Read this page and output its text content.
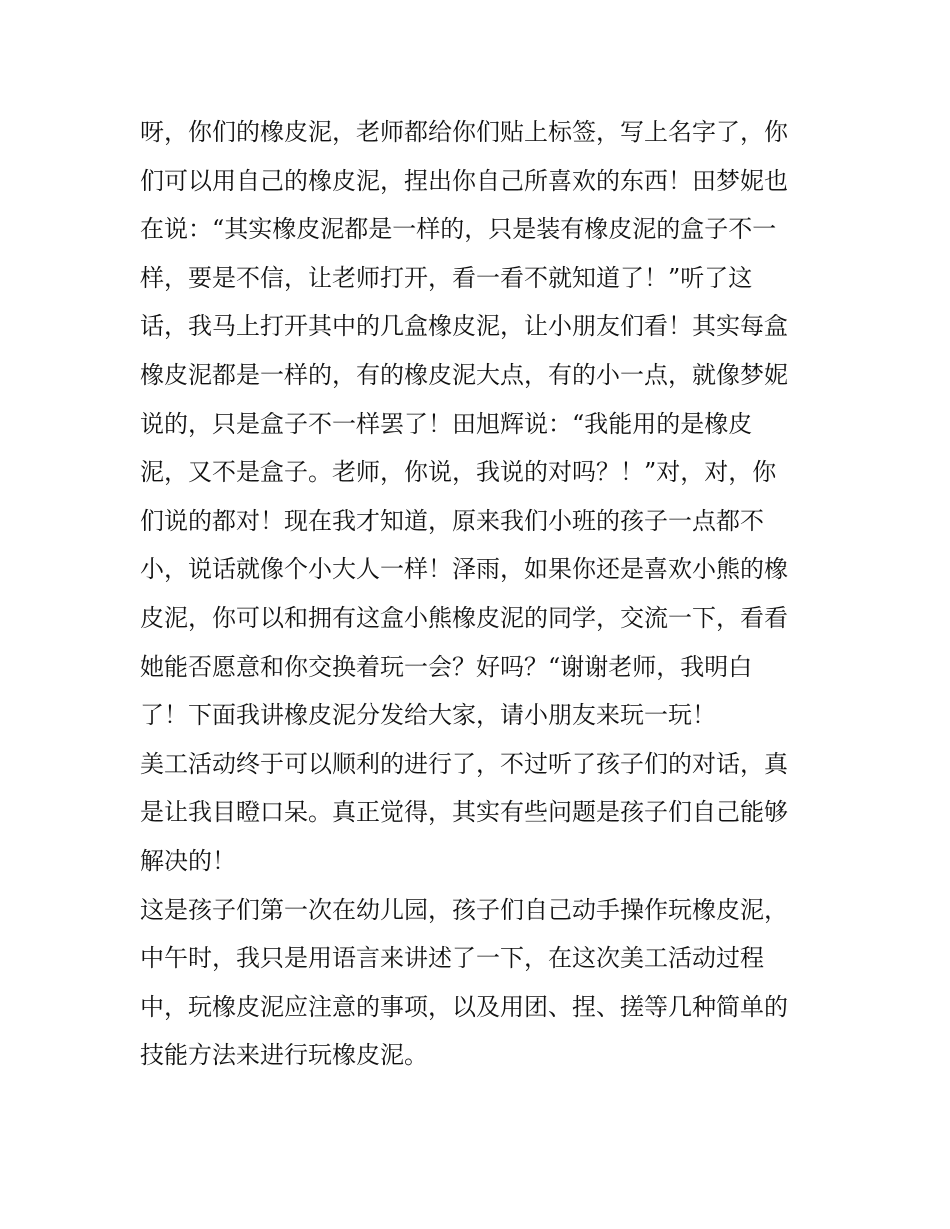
呀，你们的橡皮泥，老师都给你们贴上标签，写上名字了，你
们可以用自己的橡皮泥，捏出你自己所喜欢的东西！田梦妮也
在说：“其实橡皮泥都是一样的，只是装有橡皮泥的盒子不一
样，要是不信，让老师打开，看一看不就知道了！”听了这
话，我马上打开其中的几盒橡皮泥，让小朋友们看！其实每盒
橡皮泥都是一样的，有的橡皮泥大点，有的小一点，就像梦妮
说的，只是盒子不一样罢了！田旭辉说：“我能用的是橡皮
泥，又不是盒子。老师，你说，我说的对吗？！”对，对，你
们说的都对！现在我才知道，原来我们小班的孩子一点都不
小，说话就像个小大人一样！泽雨，如果你还是喜欢小熊的橡
皮泥，你可以和拥有这盒小熊橡皮泥的同学，交流一下，看看
她能否愿意和你交换着玩一会？好吗？“谢谢老师，我明白
了！下面我讲橡皮泥分发给大家，请小朋友来玩一玩！
美工活动终于可以顺利的进行了，不过听了孩子们的对话，真
是让我目瞪口呆。真正觉得，其实有些问题是孩子们自己能够
解决的！
这是孩子们第一次在幼儿园，孩子们自己动手操作玩橡皮泥，
中午时，我只是用语言来讲述了一下，在这次美工活动过程
中，玩橡皮泥应注意的事项，以及用团、捏、搓等几种简单的
技能方法来进行玩橡皮泥。
